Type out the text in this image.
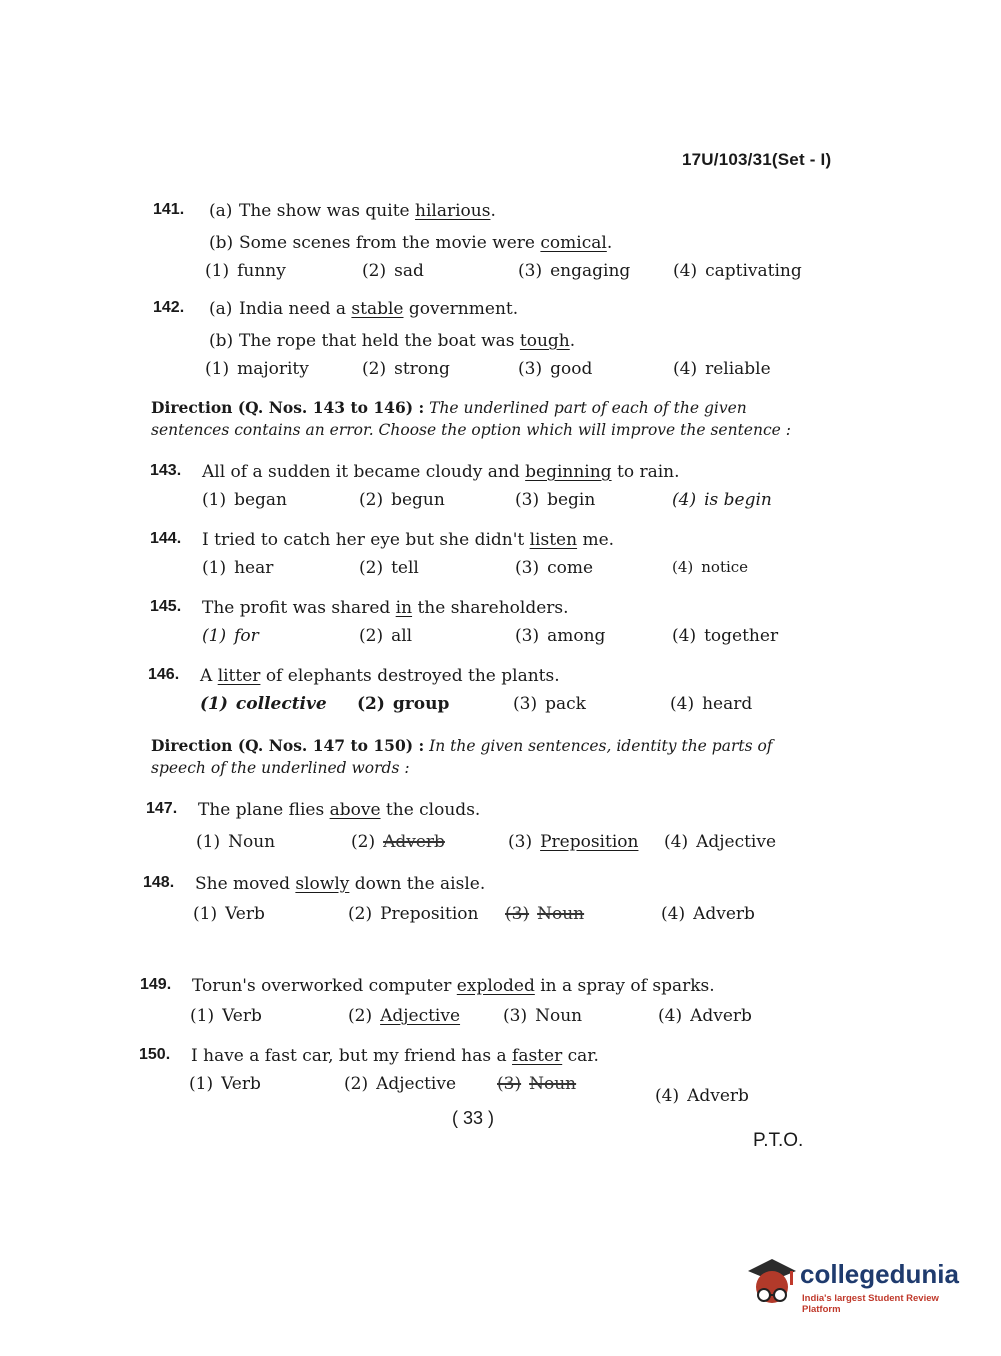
17U/103/31(Set - I)
141. (a) The show was quite hilarious.
(b) Some scenes from the movie were comical.
(1) funny	(2) sad	(3) engaging	(4) captivating
142. (a) India need a stable government.
(b) The rope that held the boat was tough.
(1) majority	(2) strong	(3) good	(4) reliable
Direction (Q. Nos. 143 to 146) : The underlined part of each of the given sentences contains an error. Choose the option which will improve the sentence :
143. All of a sudden it became cloudy and beginning to rain.
(1) began	(2) begun	(3) begin	(4) is begin
144. I tried to catch her eye but she didn't listen me.
(1) hear	(2) tell	(3) come	(4) notice
145. The profit was shared in the shareholders.
(1) for	(2) all	(3) among	(4) together
146. A litter of elephants destroyed the plants.
(1) collective (2) group	(3) pack	(4) heard
Direction (Q. Nos. 147 to 150) : In the given sentences, identity the parts of speech of the underlined words :
147. The plane flies above the clouds.
(1) Noun	(2) Adverb	(3) Preposition (4) Adjective
148. She moved slowly down the aisle.
(1) Verb	(2) Preposition (3) Noun	(4) Adverb
149. Torun's overworked computer exploded in a spray of sparks.
(1) Verb	(2) Adjective	(3) Noun	(4) Adverb
150. I have a fast car, but my friend has a faster car.
(1) Verb	(2) Adjective (3) Noun
(4) Adverb
( 33 )
P.T.O.
collegedunia
India's largest Student Review Platform
